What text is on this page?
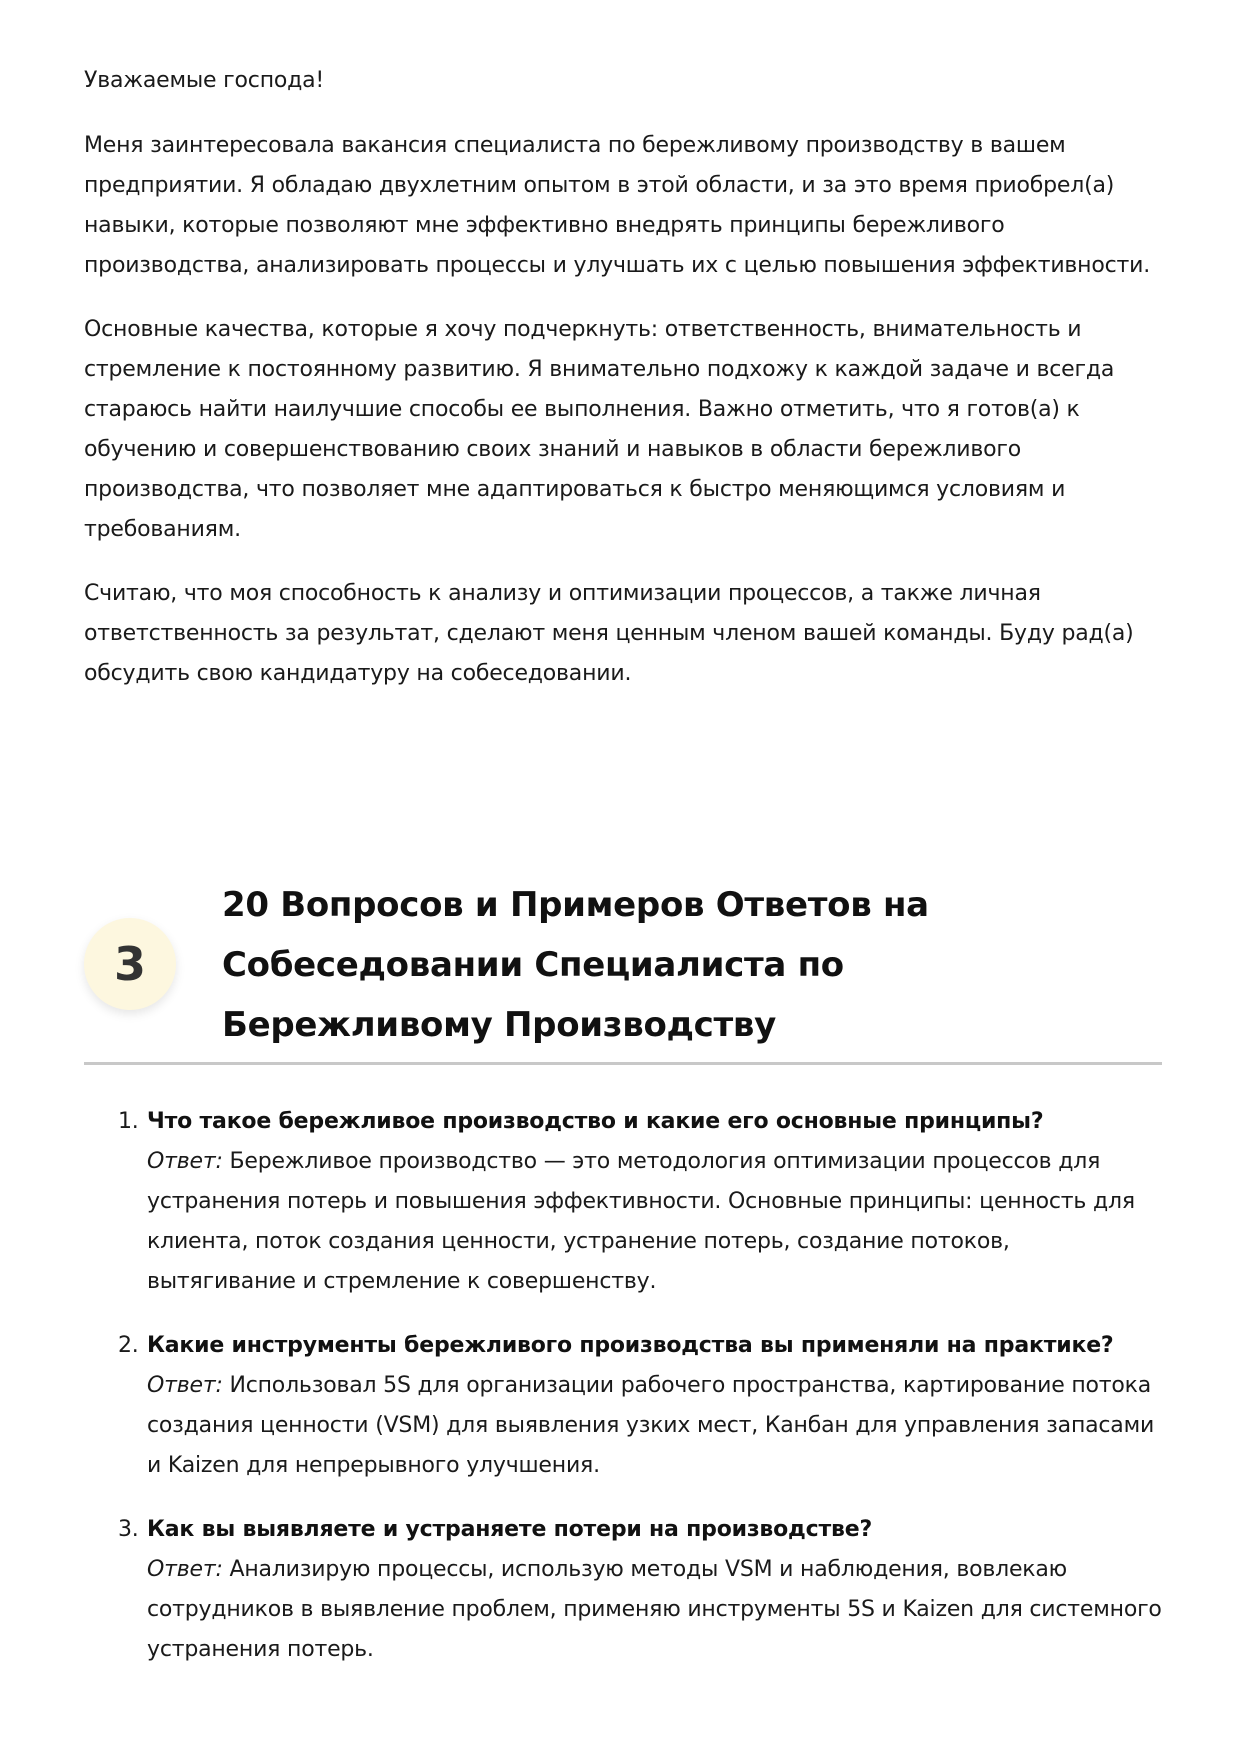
Уважаемые господа!

Меня заинтересовала вакансия специалиста по бережливому производству в вашем предприятии. Я обладаю двухлетним опытом в этой области, и за это время приобрел(а) навыки, которые позволяют мне эффективно внедрять принципы бережливого производства, анализировать процессы и улучшать их с целью повышения эффективности.

Основные качества, которые я хочу подчеркнуть: ответственность, внимательность и стремление к постоянному развитию. Я внимательно подхожу к каждой задаче и всегда стараюсь найти наилучшие способы ее выполнения. Важно отметить, что я готов(а) к обучению и совершенствованию своих знаний и навыков в области бережливого производства, что позволяет мне адаптироваться к быстро меняющимся условиям и требованиям.

Считаю, что моя способность к анализу и оптимизации процессов, а также личная ответственность за результат, сделают меня ценным членом вашей команды. Буду рад(а) обсудить свою кандидатуру на собеседовании.

3
20 Вопросов и Примеров Ответов на Собеседовании Специалиста по Бережливому Производству
1. Что такое бережливое производство и какие его основные принципы?
Ответ: Бережливое производство — это методология оптимизации процессов для устранения потерь и повышения эффективности. Основные принципы: ценность для клиента, поток создания ценности, устранение потерь, создание потоков, вытягивание и стремление к совершенству.
2. Какие инструменты бережливого производства вы применяли на практике?
Ответ: Использовал 5S для организации рабочего пространства, картирование потока создания ценности (VSM) для выявления узких мест, Канбан для управления запасами и Kaizen для непрерывного улучшения.
3. Как вы выявляете и устраняете потери на производстве?
Ответ: Анализирую процессы, использую методы VSM и наблюдения, вовлекаю сотрудников в выявление проблем, применяю инструменты 5S и Kaizen для системного устранения потерь.
